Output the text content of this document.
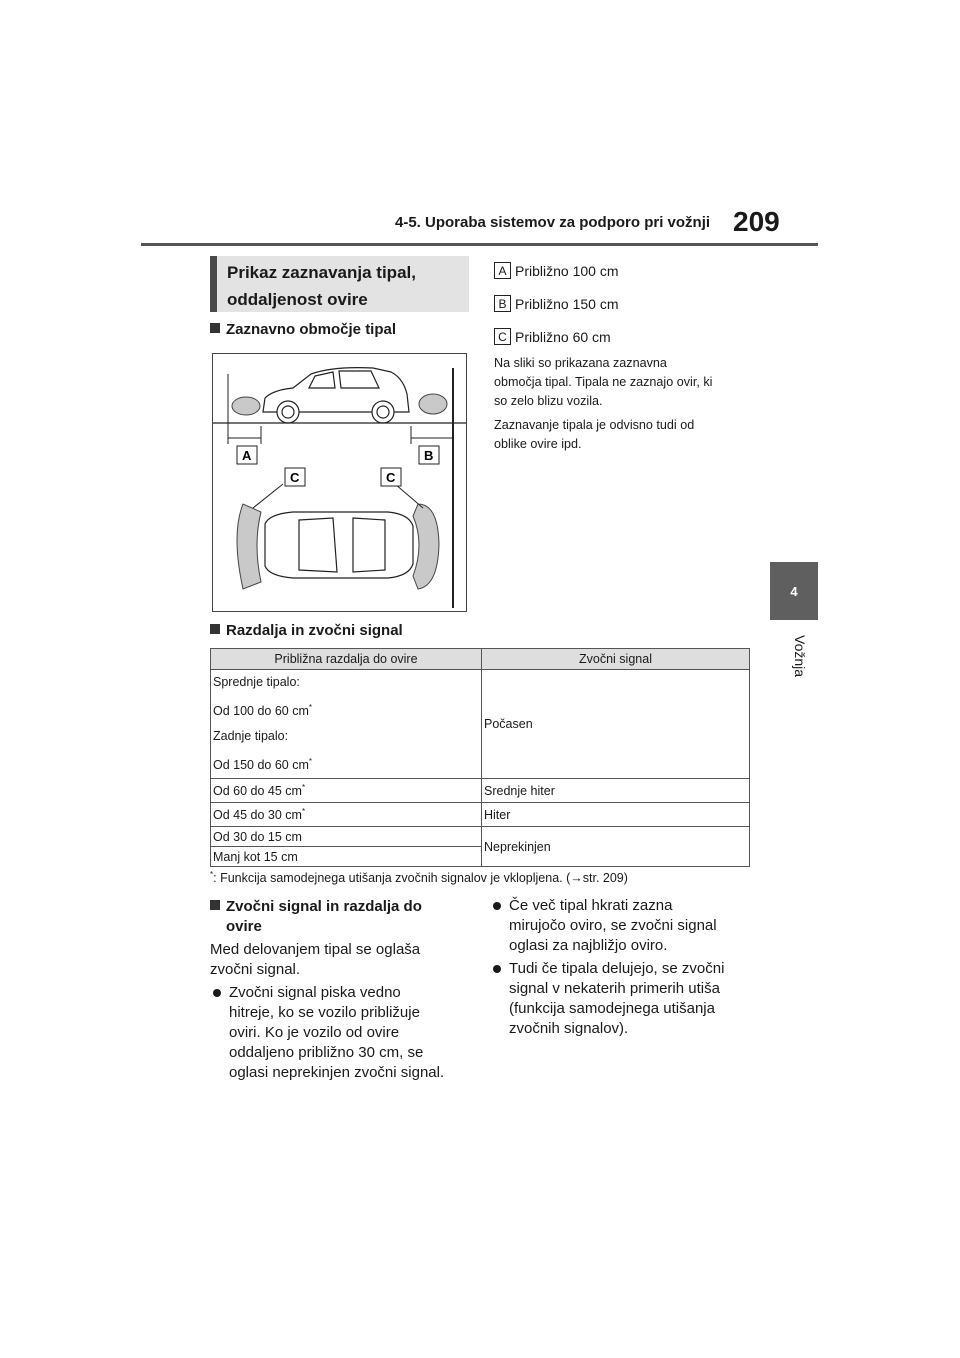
4-5. Uporaba sistemov za podporo pri vožnji 209
4
Vožnja
Prikaz zaznavanja tipal,
oddaljenost ovire
Zaznavno območje tipal
A	B
C	C
A Približno 100 cm
B Približno 150 cm
C Približno 60 cm
Na sliki so prikazana zaznavna
območja tipal. Tipala ne zaznajo ovir, ki
so zelo blizu vozila.
Zaznavanje tipala je odvisno tudi od
oblike ovire ipd.
Razdalja in zvočni signal
Približna razdalja do ovire	Zvočni signal

Sprednje tipalo:
Od 100 do 60 cm*
Zadnje tipalo:
Od 150 do 60 cm*	Počasen
Od 60 do 45 cm*	Srednje hiter
Od 45 do 30 cm*	Hiter
Od 30 do 15 cm	Neprekinjen
Manj kot 15 cm	
*: Funkcija samodejnega utišanja zvočnih signalov je vklopljena. (→str. 209)
Zvočni signal in razdalja do
ovire
Med delovanjem tipal se oglaša
zvočni signal.
Zvočni signal piska vedno
hitreje, ko se vozilo približuje
oviri. Ko je vozilo od ovire
oddaljeno približno 30 cm, se
oglasi neprekinjen zvočni signal.
Če več tipal hkrati zazna
mirujočo oviro, se zvočni signal
oglasi za najbližjo oviro.
Tudi če tipala delujejo, se zvočni
signal v nekaterih primerih utiša
(funkcija samodejnega utišanja
zvočnih signalov).
